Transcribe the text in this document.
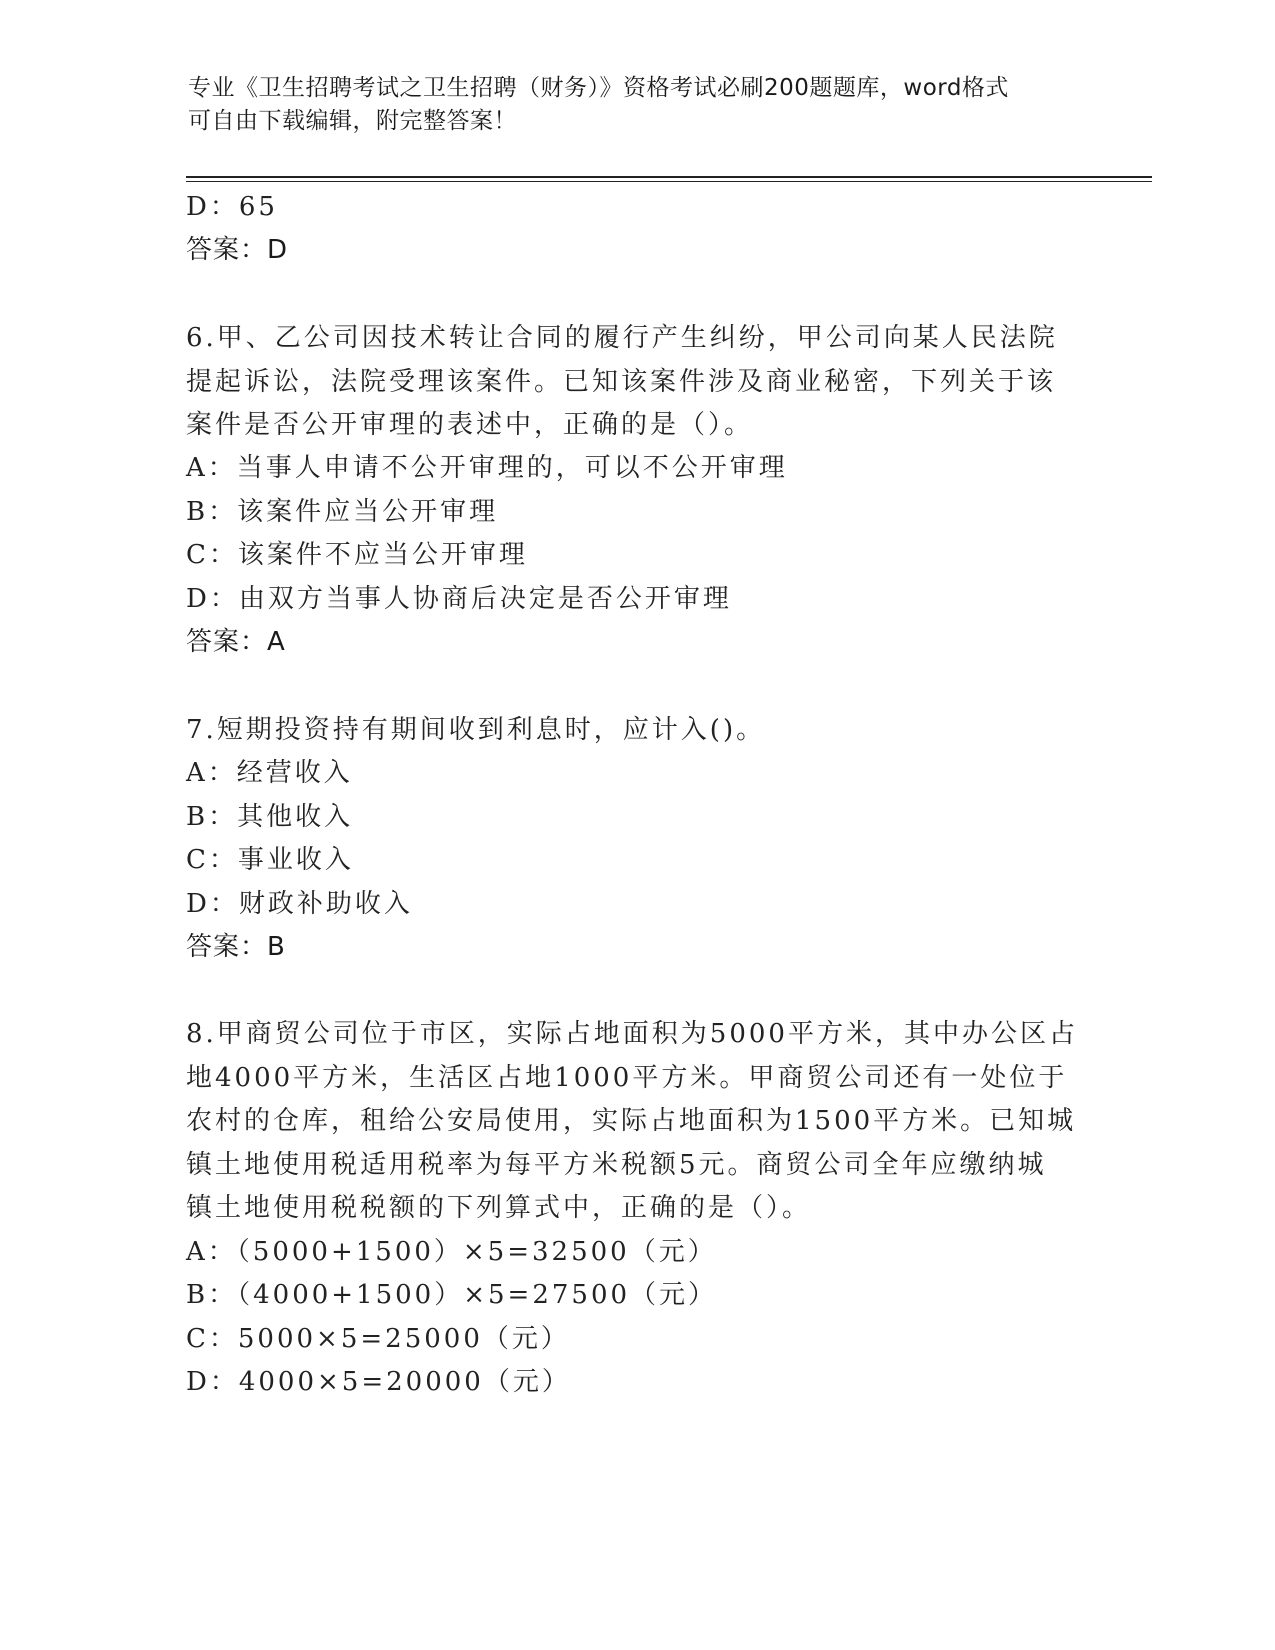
专业《卫生招聘考试之卫生招聘（财务）》资格考试必刷200题题库，word格式
可自由下载编辑，附完整答案！
D：65
答案：D
6.甲、乙公司因技术转让合同的履行产生纠纷，甲公司向某人民法院
提起诉讼，法院受理该案件。已知该案件涉及商业秘密，下列关于该
案件是否公开审理的表述中，正确的是（）。
A：当事人申请不公开审理的，可以不公开审理
B：该案件应当公开审理
C：该案件不应当公开审理
D：由双方当事人协商后决定是否公开审理
答案：A
7.短期投资持有期间收到利息时，应计入()。
A：经营收入
B：其他收入
C：事业收入
D：财政补助收入
答案：B
8.甲商贸公司位于市区，实际占地面积为5000平方米，其中办公区占
地4000平方米，生活区占地1000平方米。甲商贸公司还有一处位于
农村的仓库，租给公安局使用，实际占地面积为1500平方米。已知城
镇土地使用税适用税率为每平方米税额5元。商贸公司全年应缴纳城
镇土地使用税税额的下列算式中，正确的是（）。
A：（5000+1500）×5=32500（元）
B：（4000+1500）×5=27500（元）
C：5000×5=25000（元）
D：4000×5=20000（元）
